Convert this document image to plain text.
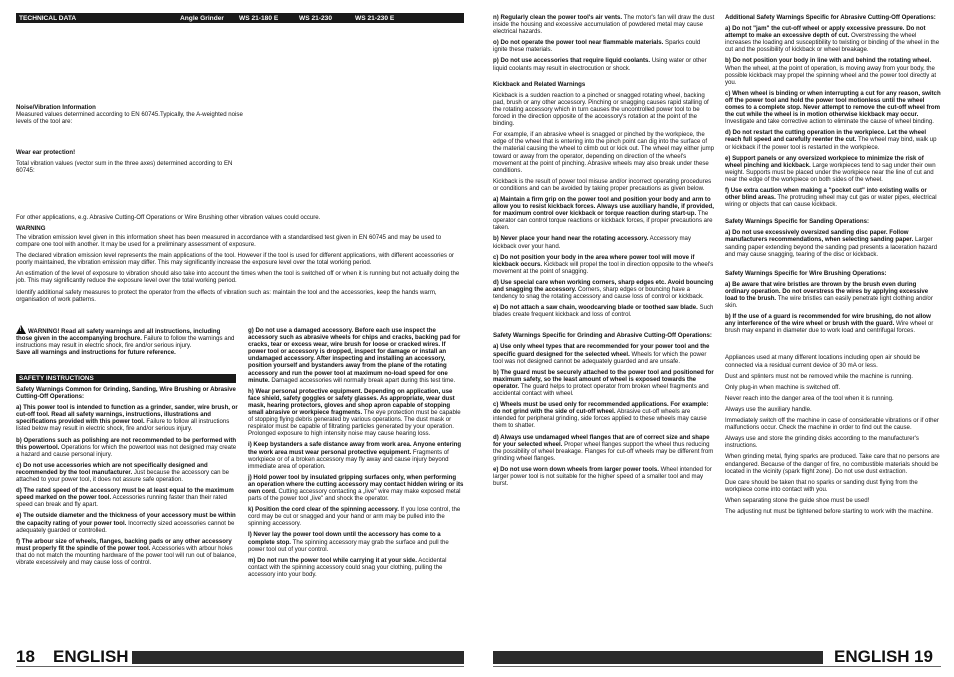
TECHNICAL DATA	Angle Grinder WS 21-180 E	WS 21-230	WS 21-230 E
Noise/Vibration Information
Measured values determined according to EN 60745.Typically, the A-weighted noise levels of the tool are:
Wear ear protection!
Total vibration values (vector sum in the three axes) determined according to EN 60745:
For other applications, e.g. Abrasive Cutting-Off Operations or Wire Brushing other vibration values could occure.
WARNING

The vibration emission level given in this information sheet has been measured in accordance with a standardised test given in EN 60745 and may be used to compare one tool with another. It may be used for a preliminary assessment of exposure.

The declared vibration emission level represents the main applications of the tool. However if the tool is used for different applications, with different accessories or poorly maintained, the vibration emission may differ. This may significantly increase the exposure level over the total working period.

An estimation of the level of exposure to vibration should also take into account the times when the tool is switched off or when it is running but not actually doing the job. This may significantly reduce the exposure level over the total working period.

Identify additional safety measures to protect the operator from the effects of vibration such as: maintain the tool and the accessories, keep the hands warm, organisation of work patterns.

!WARNING! Read all safety warnings and all instructions, including those given in the accompanying brochure. Failure to follow the warnings and instructions may result in electric shock, fire and/or serious injury.
Save all warnings and instructions for future reference.

SAFETY INSTRUCTIONS

Safety Warnings Common for Grinding, Sanding, Wire Brushing or Abrasive Cutting-Off Operations:

a) This power tool is intended to function as a grinder, sander, wire brush, or cut-off tool. Read all safety warnings, instructions, illustrations and specifications provided with this power tool. Failure to follow all instructions listed below may result in electric shock, fire and/or serious injury.

b) Operations such as polishing are not recommended to be performed with this powertool. Operations for which the powertool was not designed may create a hazard and cause personal injury.

c) Do not use accessories which are not specifically designed and recommended by the tool manufacturer. Just because the accessory can be attached to your power tool, it does not assure safe operation.

d) The rated speed of the accessory must be at least equal to the maximum speed marked on the power tool. Accessories running faster than their rated speed can break and fly apart.

e) The outside diameter and the thickness of your accessory must be within the capacity rating of your power tool. Incorrectly sized accessories cannot be adequately guarded or controlled.

f) The arbour size of wheels, flanges, backing pads or any other accessory must properly fit the spindle of the power tool. Accessories with arbour holes that do not match the mounting hardware of the power tool will run out of balance, vibrate excessively and may cause loss of control.

g) Do not use a damaged accessory. Before each use inspect the accessory such as abrasive wheels for chips and cracks, backing pad for cracks, tear or excess wear, wire brush for loose or cracked wires. If power tool or accessory is dropped, inspect for damage or install an undamaged accessory. After inspecting and installing an accessory, position yourself and bystanders away from the plane of the rotating accessory and run the power tool at maximum no-load speed for one minute. Damaged accessories will normally break apart during this test time.

h) Wear personal protective equipment. Depending on application, use face shield, safety goggles or safety glasses. As appropriate, wear dust mask, hearing protectors, gloves and shop apron capable of stopping small abrasive or workpiece fragments. The eye protection must be capable of stopping flying debris generated by various operations. The dust mask or respirator must be capable of filtrating particles generated by your operation. Prolonged exposure to high intensity noise may cause hearing loss.

i) Keep bystanders a safe distance away from work area. Anyone entering the work area must wear personal protective equipment. Fragments of workpiece or of a broken accessory may fly away and cause injury beyond immediate area of operation.

j) Hold power tool by insulated gripping surfaces only, when performing an operation where the cutting accessory may contact hidden wiring or its own cord. Cutting accessory contacting a „live" wire may make exposed metal parts of the power tool „live" and shock the operator.

k) Position the cord clear of the spinning accessory. If you lose control, the cord may be cut or snagged and your hand or arm may be pulled into the spinning accessory.

l) Never lay the power tool down until the accessory has come to a complete stop. The spinning accessory may grab the surface and pull the power tool out of your control.

m) Do not run the power tool while carrying it at your side. Accidental contact with the spinning accessory could snag your clothing, pulling the accessory into your body.

18 ENGLISH

n) Regularly clean the power tool's air vents. The motor's fan will draw the dust inside the housing and excessive accumulation of powdered metal may cause electrical hazards.

o) Do not operate the power tool near flammable materials. Sparks could ignite these materials.

p) Do not use accessories that require liquid coolants. Using water or other liquid coolants may result in electrocution or shock.

Kickback and Related Warnings

Kickback is a sudden reaction to a pinched or snagged rotating wheel, backing pad, brush or any other accessory. Pinching or snagging causes rapid stalling of the rotating accessory which in turn causes the uncontrolled power tool to be forced in the direction opposite of the accessory's rotation at the point of the binding.

For example, if an abrasive wheel is snagged or pinched by the workpiece, the edge of the wheel that is entering into the pinch point can dig into the surface of the material causing the wheel to climb out or kick out. The wheel may either jump toward or away from the operator, depending on direction of the wheel's movement at the point of pinching. Abrasive wheels may also break under these conditions.

Kickback is the result of power tool misuse and/or incorrect operating procedures or conditions and can be avoided by taking proper precautions as given below.

a) Maintain a firm grip on the power tool and position your body and arm to allow you to resist kickback forces. Always use auxiliary handle, if provided, for maximum control over kickback or torque reaction during start-up. The operator can control torque reactions or kickback forces, if proper precautions are taken.

b) Never place your hand near the rotating accessory. Accessory may kickback over your hand.

c) Do not position your body in the area where power tool will move if kickback occurs. Kickback will propel the tool in direction opposite to the wheel's movement at the point of snagging.

d) Use special care when working corners, sharp edges etc. Avoid bouncing and snagging the accessory. Corners, sharp edges or bouncing have a tendency to snag the rotating accessory and cause loss of control or kickback.

e) Do not attach a saw chain, woodcarving blade or toothed saw blade. Such blades create frequent kickback and loss of control.

Safety Warnings Specific for Grinding and Abrasive Cutting-Off Operations:

a) Use only wheel types that are recommended for your power tool and the specific guard designed for the selected wheel. Wheels for which the power tool was not designed cannot be adequately guarded and are unsafe.

b) The guard must be securely attached to the power tool and positioned for maximum safety, so the least amount of wheel is exposed towards the operator. The guard helps to protect operator from broken wheel fragments and accidental contact with wheel.

c) Wheels must be used only for recommended applications. For example: do not grind with the side of cut-off wheel. Abrasive cut-off wheels are intended for peripheral grinding, side forces applied to these wheels may cause them to shatter.

d) Always use undamaged wheel flanges that are of correct size and shape for your selected wheel. Proper wheel flanges support the wheel thus reducing the possibility of wheel breakage. Flanges for cut-off wheels may be different from grinding wheel flanges.

e) Do not use worn down wheels from larger power tools. Wheel intended for larger power tool is not suitable for the higher speed of a smaller tool and may burst.

Additional Safety Warnings Specific for Abrasive Cutting-Off Operations:

a) Do not "jam" the cut-off wheel or apply excessive pressure. Do not attempt to make an excessive depth of cut. Overstressing the wheel increases the loading and susceptibility to twisting or binding of the wheel in the cut and the possibility of kickback or wheel breakage.

b) Do not position your body in line with and behind the rotating wheel. When the wheel, at the point of operation, is moving away from your body, the possible kickback may propel the spinning wheel and the power tool directly at you.

c) When wheel is binding or when interrupting a cut for any reason, switch off the power tool and hold the power tool motionless until the wheel comes to a complete stop. Never attempt to remove the cut-off wheel from the cut while the wheel is in motion otherwise kickback may occur. Investigate and take corrective action to eliminate the cause of wheel binding.

d) Do not restart the cutting operation in the workpiece. Let the wheel reach full speed and carefully reenter the cut. The wheel may bind, walk up or kickback if the power tool is restarted in the workpiece.

e) Support panels or any oversized workpiece to minimize the risk of wheel pinching and kickback. Large workpieces tend to sag under their own weight. Supports must be placed under the workpiece near the line of cut and near the edge of the workpiece on both sides of the wheel.

f) Use extra caution when making a "pocket cut" into existing walls or other blind areas. The protruding wheel may cut gas or water pipes, electrical wiring or objects that can cause kickback.

Safety Warnings Specific for Sanding Operations:

a) Do not use excessively oversized sanding disc paper. Follow manufacturers recommendations, when selecting sanding paper. Larger sanding paper extending beyond the sanding pad presents a laceration hazard and may cause snagging, tearing of the disc or kickback.

Safety Warnings Specific for Wire Brushing Operations:

a) Be aware that wire bristles are thrown by the brush even during ordinary operation. Do not overstress the wires by applying excessive load to the brush. The wire bristles can easily penetrate light clothing and/or skin.

b) If the use of a guard is recommended for wire brushing, do not allow any interference of the wire wheel or brush with the guard. Wire wheel or brush may expand in diameter due to work load and centrifugal forces.

Appliances used at many different locations including open air should be connected via a residual current device of 30 mA or less.

Dust and splinters must not be removed while the machine is running.

Only plug-in when machine is switched off.

Never reach into the danger area of the tool when it is running.

Always use the auxiliary handle.

Immediately switch off the machine in case of considerable vibrations or if other malfunctions occur. Check the machine in order to find out the cause.

Always use and store the grinding disks according to the manufacturer's instructions.

When grinding metal, flying sparks are produced. Take care that no persons are endangered. Because of the danger of fire, no combustible materials should be located in the vicinity (spark flight zone). Do not use dust extraction.

Due care should be taken that no sparks or sanding dust flying from the workpiece come into contact with you.

When separating stone the guide shoe must be used!

The adjusting nut must be tightened before starting to work with the machine.

ENGLISH 19
